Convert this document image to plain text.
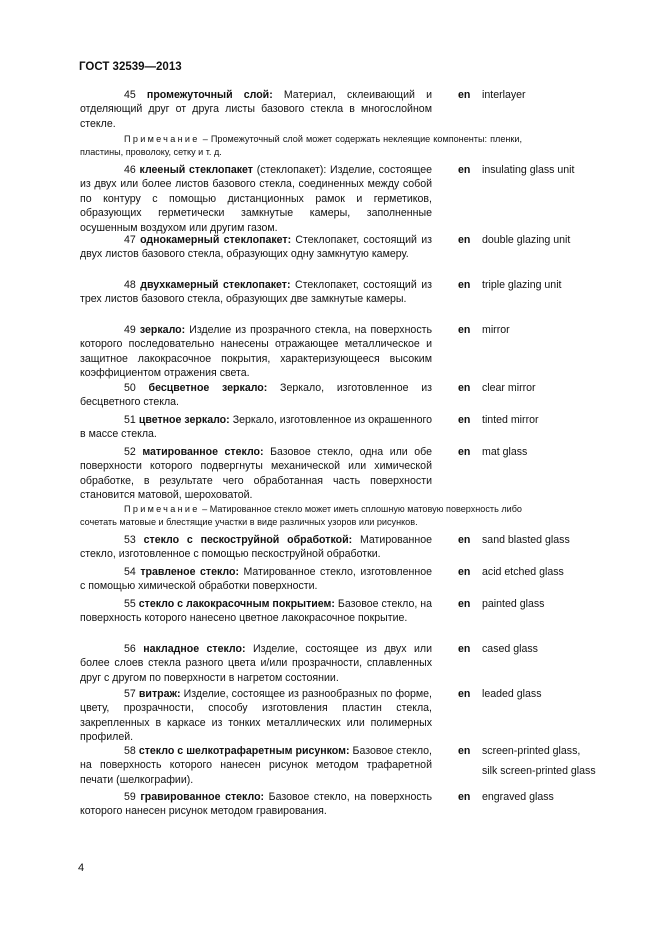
ГОСТ 32539—2013

45 промежуточный слой: Материал, склеивающий и отделяющий друг от друга листы базового стекла в многослойном стекле.

en interlayer

Примечание – Промежуточный слой может содержать неклеящие компоненты: пленки, пластины, проволоку, сетку и т. д.

46 клееный стеклопакет (стеклопакет): Изделие, состоящее из двух или более листов базового стекла, соединенных между собой по контуру с помощью дистанционных рамок и герметиков, образующих герметически замкнутые камеры, заполненные осушенным воздухом или другим газом.

en insulating glass unit

47 однокамерный стеклопакет: Стеклопакет, состоящий из двух листов базового стекла, образующих одну замкнутую камеру.

en double glazing unit

48 двухкамерный стеклопакет: Стеклопакет, состоящий из трех листов базового стекла, образующих две замкнутые камеры.

en triple glazing unit

49 зеркало: Изделие из прозрачного стекла, на поверхность которого последовательно нанесены отражающее металлическое и защитное лакокрасочное покрытия, характеризующееся высоким коэффициентом отражения света.

en mirror

50 бесцветное зеркало: Зеркало, изготовленное из бесцветного стекла.

en clear mirror

51 цветное зеркало: Зеркало, изготовленное из окрашенного в массе стекла.

en tinted mirror

52 матированное стекло: Базовое стекло, одна или обе поверхности которого подвергнуты механической или химической обработке, в результате чего обработанная часть поверхности становится матовой, шероховатой.

en mat glass

Примечание – Матированное стекло может иметь сплошную матовую поверхность либо сочетать матовые и блестящие участки в виде различных узоров или рисунков.

53 стекло с пескоструйной обработкой: Матированное стекло, изготовленное с помощью пескоструйной обработки.

en sand blasted glass

54 травленое стекло: Матированное стекло, изготовленное с помощью химической обработки поверхности.

en acid etched glass

55 стекло с лакокрасочным покрытием: Базовое стекло, на поверхность которого нанесено цветное лакокрасочное покрытие.

en painted glass

56 накладное стекло: Изделие, состоящее из двух или более слоев стекла разного цвета и/или прозрачности, сплавленных друг с другом по поверхности в нагретом состоянии.

en cased glass

57 витраж: Изделие, состоящее из разнообразных по форме, цвету, прозрачности, способу изготовления пластин стекла, закрепленных в каркасе из тонких металлических или полимерных профилей.

en leaded glass

58 стекло с шелкотрафаретным рисунком: Базовое стекло, на поверхность которого нанесен рисунок методом трафаретной печати (шелкографии).

en screen-printed glass,
silk screen-printed glass

59 гравированное стекло: Базовое стекло, на поверхность которого нанесен рисунок методом гравирования.

en engraved glass
4
